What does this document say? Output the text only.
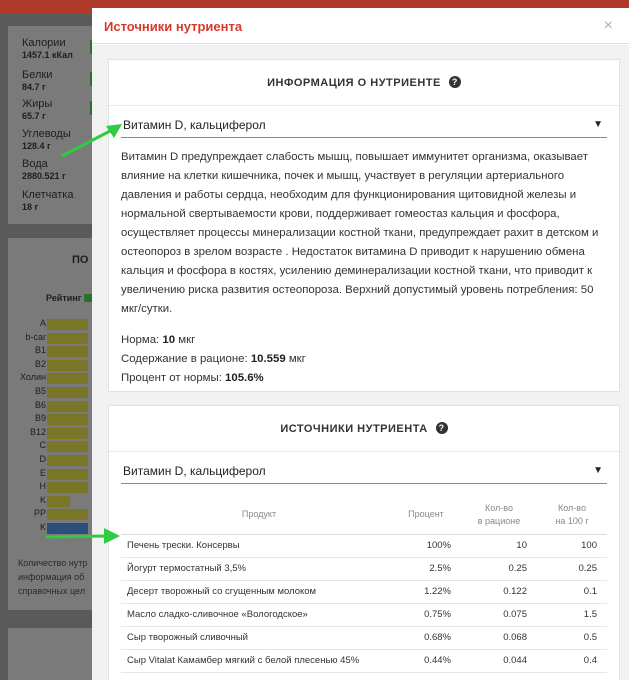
Калории
1457.1 кКал
Белки
84.7 г
Жиры
65.7 г
Углеводы
128.4 г
Вода
2880.521 г
Клетчатка
18 г
ПО
Рейтинг
A
b-car
B1
B2
Холин
B5
B6
B9
B12
C
D
E
H
K
PP
K
Количество нутр информация об справочных цел
Источники нутриента	×
ИНФОРМАЦИЯ О НУТРИЕНТЕ ?
Витамин D, кальциферол	▼
Витамин D предупреждает слабость мышц, повышает иммунитет организма, оказывает влияние на клетки кишечника, почек и мышц, участвует в регуляции артериального давления и работы сердца, необходим для функционирования щитовидной железы и нормальной свертываемости крови, поддерживает гомеостаз кальция и фосфора, осуществляет процессы минерализации костной ткани, предупреждает рахит в детском и остеопороз в зрелом возрасте . Недостаток витамина D приводит к нарушению обмена кальция и фосфора в костях, усилению деминерализации костной ткани, что приводит к увеличению риска развития остеопороза. Верхний допустимый уровень потребления: 50 мкг/сутки.
Норма: 10 мкг
Содержание в рационе: 10.559 мкг
Процент от нормы: 105.6%
ИСТОЧНИКИ НУТРИЕНТА ?
Витамин D, кальциферол	▼
Продукт	Процент	Кол-во
в рационе	Кол-во
на 100 г
Печень трески. Консервы	100%	10	100
Йогурт термостатный 3,5%	2.5%	0.25	0.25
Десерт творожный со сгущенным молоком	1.22%	0.122	0.1
Масло сладко-сливочное «Вологодское»	0.75%	0.075	1.5
Сыр творожный сливочный	0.68%	0.068	0.5
Сыр Vitalat Камамбер мягкий с белой плесенью 45%	0.44%	0.044	0.4
